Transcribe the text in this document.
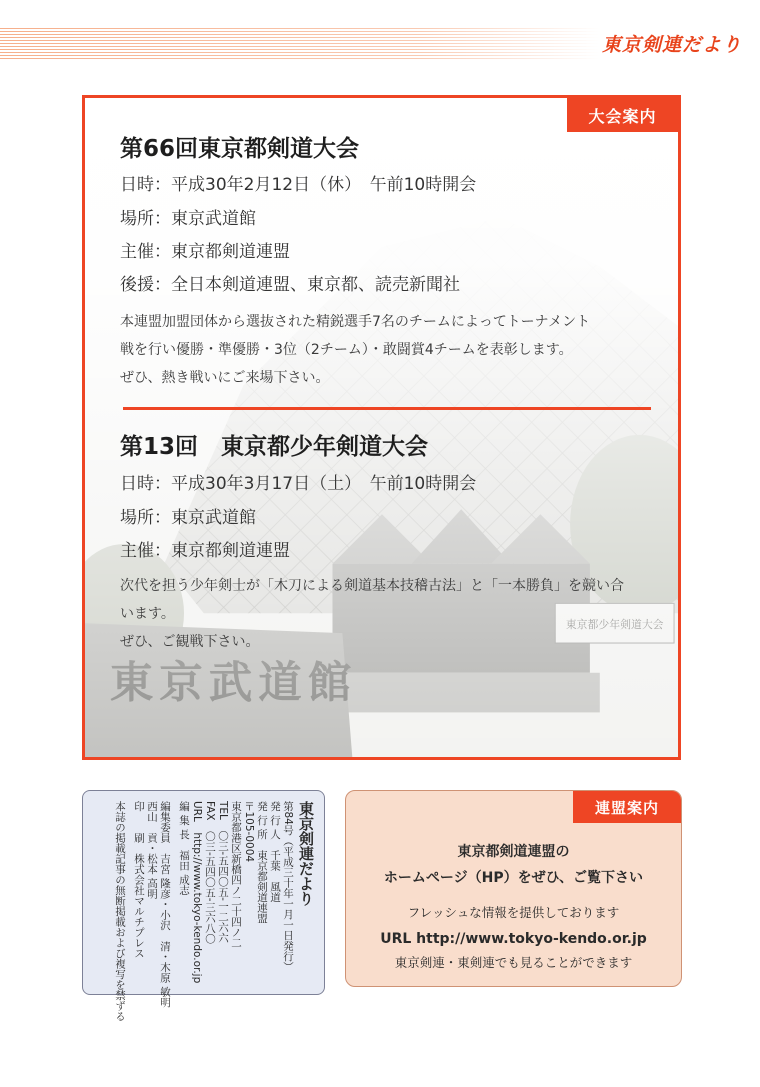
東京剣連だより
大会案内
第66回東京都剣道大会
日時：平成30年2月12日（休）　午前10時開会
場所：東京武道館
主催：東京都剣道連盟
後援：全日本剣道連盟、東京都、読売新聞社

本連盟加盟団体から選抜された精鋭選手7名のチームによってトーナメント

戦を行い優勝・準優勝・3位（2チーム）・敢闘賞4チームを表彰します。

ぜひ、熱き戦いにご来場下さい。

第13回　東京都少年剣道大会
日時：平成30年3月17日（土）　午前10時開会
場所：東京武道館
主催：東京都剣道連盟

次代を担う少年剣士が「木刀による剣道基本技稽古法」と「一本勝負」を競い合

います。

ぜひ、ご観戦下さい。

東京剣連だより
第84号（平成三十年一月一日発行）
発 行 人　千葉　風道
発 行 所　東京都剣道連盟
〒105-0004
東京都港区新橋四ノ二十四ノ二
TEL　〇三‐五四〇五‐一二六六
FAX　〇三‐五四〇五‐三六八〇
URL　http://www.tokyo-kendo.or.jp
編 集 長　福田 成志
編集委員　吉宮 隆彦・小沢　清・木原 敏明
西山　貢・松本 高明
印　　刷　株式会社マルチプレス
本誌の掲載記事の無断掲載および複写を禁ずる	連盟案内
東京都剣道連盟の
ホームページ（HP）をぜひ、ご覧下さい
フレッシュな情報を提供しております
URL http://www.tokyo-kendo.or.jp
東京剣連・東剣連でも見ることができます
